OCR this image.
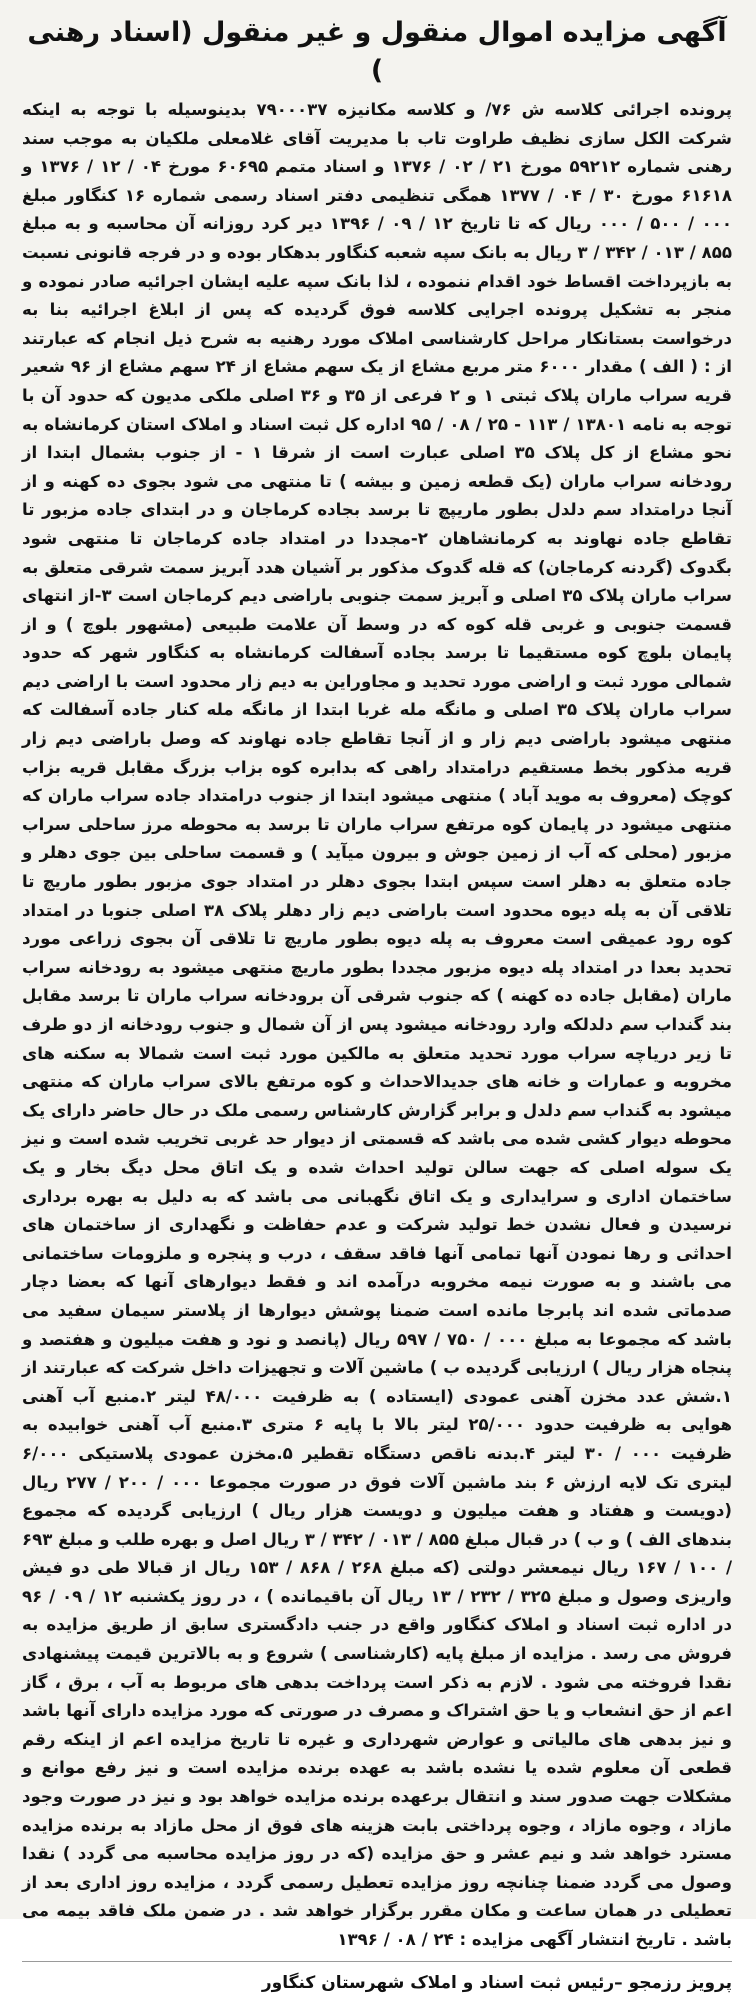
آگهی مزایده اموال منقول و غیر منقول (اسناد رهنی )

پرونده اجرائی کلاسه ش ۷۶/ و کلاسه مکانیزه ۷۹۰۰۰۳۷ بدینوسیله با توجه به اینکه شرکت الکل سازی نظیف طراوت تاب با مدیریت آقای غلامعلی ملکیان به موجب سند رهنی شماره ۵۹۲۱۲ مورخ ۲۱ / ۰۲ / ۱۳۷۶ و اسناد متمم ۶۰۶۹۵ مورخ ۰۴ / ۱۲ / ۱۳۷۶ و ۶۱۶۱۸ مورخ ۳۰ / ۰۴ / ۱۳۷۷ همگی تنظیمی دفتر اسناد رسمی شماره ۱۶ کنگاور مبلغ ۰۰۰ / ۵۰۰ / ۰۰۰ ریال که تا تاریخ ۱۲ / ۰۹ / ۱۳۹۶ دیر کرد روزانه آن محاسبه و به مبلغ ۸۵۵ / ۰۱۳ / ۳۴۲ / ۳ ریال به بانک سپه شعبه کنگاور بدهکار بوده و در فرجه قانونی نسبت به بازپرداخت اقساط خود اقدام ننموده ، لذا بانک سپه علیه ایشان اجرائیه صادر نموده و منجر به تشکیل پرونده اجرایی کلاسه فوق گردیده که پس از ابلاغ اجرائیه بنا به درخواست بستانکار مراحل کارشناسی املاک مورد رهنیه به شرح ذیل انجام که عبارتند از : ( الف ) مقدار ۶۰۰۰ متر مربع مشاع از یک سهم مشاع از ۲۴ سهم مشاع از ۹۶ شعیر قریه سراب ماران پلاک ثبتی ۱ و ۲ فرعی از ۳۵ و ۳۶ اصلی ملکی مدیون که حدود آن با توجه به نامه ۱۳۸۰۱ / ۱۱۳ - ۲۵ / ۰۸ / ۹۵ اداره کل ثبت اسناد و املاک استان کرمانشاه به نحو مشاع از کل پلاک ۳۵ اصلی عبارت است از شرقا ۱ - از جنوب بشمال ابتدا از رودخانه سراب ماران (یک قطعه زمین و بیشه ) تا منتهی می شود بجوی ده کهنه و از آنجا درامتداد سم دلدل بطور ماریپچ تا برسد بجاده کرماجان و در ابتدای جاده مزبور تا تقاطع جاده نهاوند به کرمانشاهان ۲-مجددا در امتداد جاده کرماجان تا منتهی شود بگدوک (گردنه کرماجان) که قله گدوک مذکور بر آشیان هدد آبریز سمت شرقی متعلق به سراب ماران پلاک ۳۵ اصلی و آبریز سمت جنوبی باراضی دیم کرماجان است ۳-از انتهای قسمت جنوبی و غربی قله کوه که در وسط آن علامت طبیعی (مشهور بلوچ ) و از پایمان بلوچ کوه مستقیما تا برسد بجاده آسفالت کرمانشاه به کنگاور شهر که حدود شمالی مورد ثبت و اراضی مورد تحدید و مجاوراین به دیم زار محدود است با اراضی دیم سراب ماران پلاک ۳۵ اصلی و مانگه مله غربا ابتدا از مانگه مله کنار جاده آسفالت که منتهی میشود باراضی دیم زار و از آنجا تقاطع جاده نهاوند که وصل باراضی دیم زار قریه مذکور بخط مستقیم درامتداد راهی که بدابره کوه بزاب بزرگ مقابل قریه بزاب کوچک (معروف به موید آباد ) منتهی میشود ابتدا از جنوب درامتداد جاده سراب ماران که منتهی میشود در پایمان کوه مرتفع سراب ماران تا برسد به محوطه مرز ساحلی سراب مزبور (محلی که آب از زمین جوش و بیرون میآید ) و قسمت ساحلی بین جوی دهلر و جاده متعلق به دهلر است سپس ابتدا بجوی دهلر در امتداد جوی مزبور بطور ماریچ تا تلاقی آن به پله دیوه محدود است باراضی دیم زار دهلر پلاک ۳۸ اصلی جنوبا در امتداد کوه رود عمیقی است معروف به پله دیوه بطور ماریچ تا تلاقی آن بجوی زراعی مورد تحدید بعدا در امتداد پله دیوه مزبور مجددا بطور ماریچ منتهی میشود به رودخانه سراب ماران (مقابل جاده ده کهنه ) که جنوب شرقی آن برودخانه سراب ماران تا برسد مقابل بند گنداب سم دلدلکه وارد رودخانه میشود پس از آن شمال و جنوب رودخانه از دو طرف تا زیر دریاچه سراب مورد تحدید متعلق به مالکین مورد ثبت است شمالا به سکنه های مخروبه و عمارات و خانه های جدیدالاحداث و کوه مرتفع بالای سراب ماران که منتهی میشود به گنداب سم دلدل و برابر گزارش کارشناس رسمی ملک در حال حاضر دارای یک محوطه دیوار کشی شده می باشد که قسمتی از دیوار حد غربی تخریب شده است و نیز یک سوله اصلی که جهت سالن تولید احداث شده و یک اتاق محل دیگ بخار و یک ساختمان اداری و سرایداری و یک اتاق نگهبانی می باشد که به دلیل به بهره برداری نرسیدن و فعال نشدن خط تولید شرکت و عدم حفاظت و نگهداری از ساختمان های احداثی و رها نمودن آنها تمامی آنها فاقد سقف ، درب و پنجره و ملزومات ساختمانی می باشند و به صورت نیمه مخروبه درآمده اند و فقط دیوارهای آنها که بعضا دچار صدماتی شده اند پابرجا مانده است ضمنا پوشش دیوارها از پلاستر سیمان سفید می باشد که مجموعا به مبلغ ۰۰۰ / ۷۵۰ / ۵۹۷ ریال (پانصد و نود و هفت میلیون و هفتصد و پنجاه هزار ریال ) ارزیابی گردیده ب ) ماشین آلات و تجهیزات داخل شرکت که عبارتند از ۱.شش عدد مخزن آهنی عمودی (ایستاده ) به ظرفیت ۴۸/۰۰۰ لیتر ۲.منبع آب آهنی هوایی به ظرفیت حدود ۲۵/۰۰۰ لیتر بالا با پایه ۶ متری ۳.منبع آب آهنی خوابیده به ظرفیت ۰۰۰ / ۳۰ لیتر ۴.بدنه ناقص دستگاه تقطیر ۵.مخزن عمودی پلاستیکی ۶/۰۰۰ لیتری تک لایه ارزش ۶ بند ماشین آلات فوق در صورت مجموعا ۰۰۰ / ۲۰۰ / ۲۷۷ ریال (دویست و هفتاد و هفت میلیون و دویست هزار ریال ) ارزیابی گردیده که مجموع بندهای الف ) و ب ) در قبال مبلغ ۸۵۵ / ۰۱۳ / ۳۴۲ / ۳ ریال اصل و بهره طلب و مبلغ ۶۹۳ / ۱۰۰ / ۱۶۷ ریال نیمعشر دولتی (که مبلغ ۲۶۸ / ۸۶۸ / ۱۵۳ ریال از قبالا طی دو فیش واریزی وصول و مبلغ ۳۲۵ / ۲۳۲ / ۱۳ ریال آن باقیمانده ) ، در روز یکشنبه ۱۲ / ۰۹ / ۹۶ در اداره ثبت اسناد و املاک کنگاور واقع در جنب دادگستری سابق از طریق مزایده به فروش می رسد . مزایده از مبلغ پایه (کارشناسی ) شروع و به بالاترین قیمت پیشنهادی نقدا فروخته می شود . لازم به ذکر است پرداخت بدهی های مربوط به آب ، برق ، گاز اعم از حق انشعاب و یا حق اشتراک و مصرف در صورتی که مورد مزایده دارای آنها باشد و نیز بدهی های مالیاتی و عوارض شهرداری و غیره تا تاریخ مزایده اعم از اینکه رقم قطعی آن معلوم شده یا نشده باشد به عهده برنده مزایده است و نیز رفع موانع و مشکلات جهت صدور سند و انتقال برعهده برنده مزایده خواهد بود و نیز در صورت وجود مازاد ، وجوه مازاد ، وجوه پرداختی بابت هزینه های فوق از محل مازاد به برنده مزایده مسترد خواهد شد و نیم عشر و حق مزایده (که در روز مزایده محاسبه می گردد ) نقدا وصول می گردد ضمنا چنانچه روز مزایده تعطیل رسمی گردد ، مزایده روز اداری بعد از تعطیلی در همان ساعت و مکان مقرر برگزار خواهد شد . در ضمن ملک فاقد بیمه می باشد . تاریخ انتشار آگهی مزایده : ۲۴ / ۰۸ / ۱۳۹۶

پرویز رزمجو –رئیس ثبت اسناد و املاک شهرستان کنگاور
